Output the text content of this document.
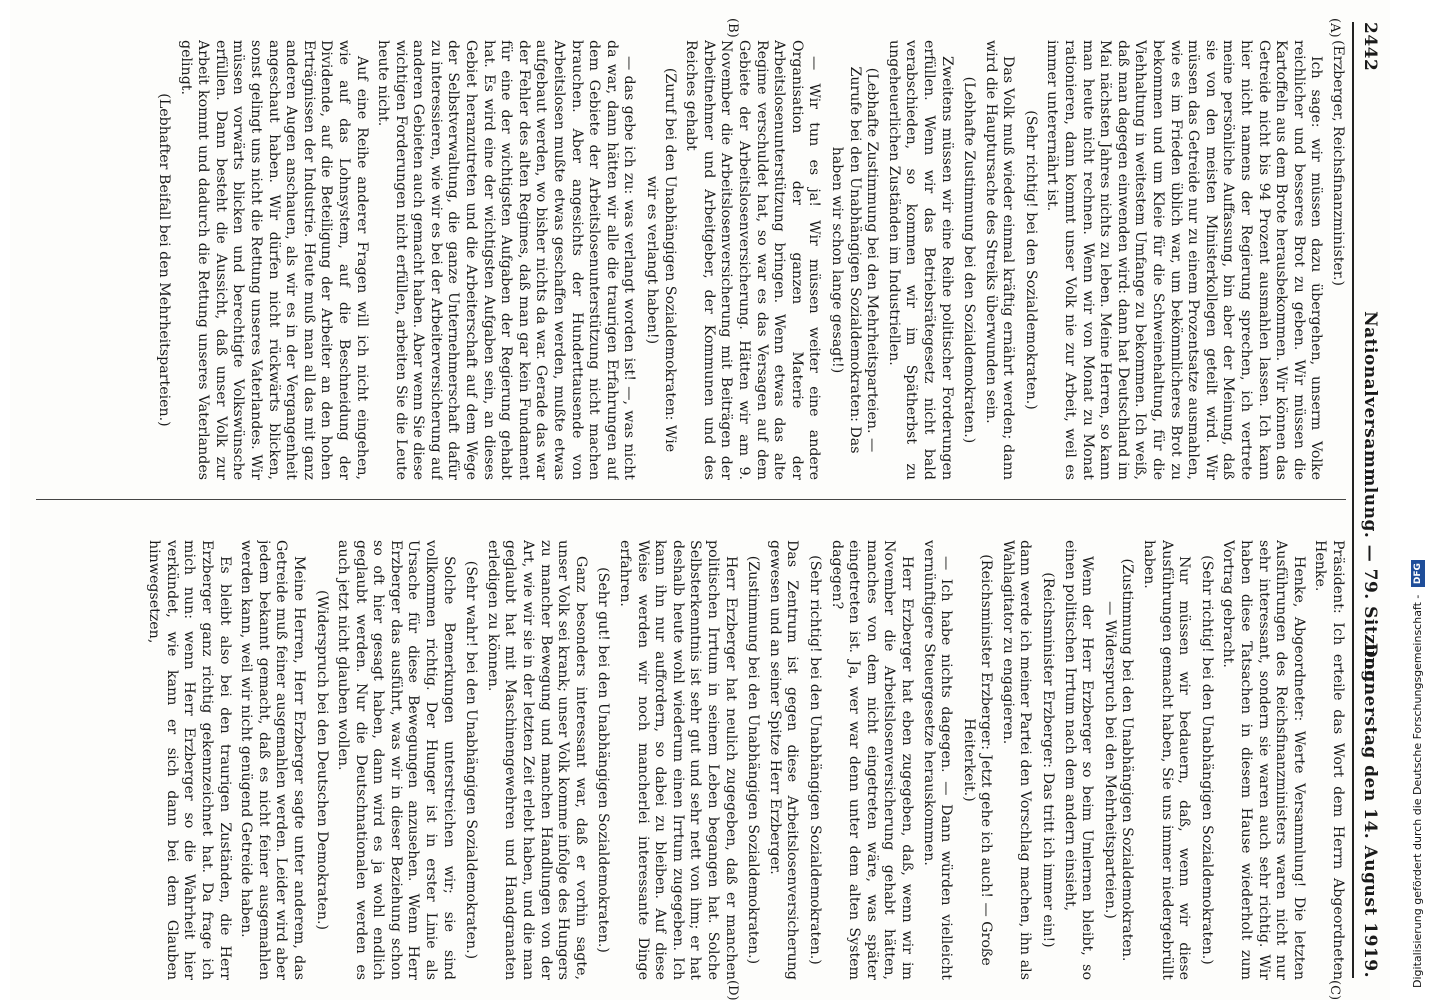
2442
Nationalversammlung. — 79. Sitzung.
Donnerstag den 14. August 1919.
(A)
(B)
(C)
(D)

(Erzberger, Reichsfinanzminister.)

Ich sage: wir müssen dazu übergehen, unserm Volke reichlicher und besseres Brot zu geben. Wir müssen die Kartoffeln aus dem Brote herausbekommen. Wir können das Getreide nicht bis 94 Prozent ausmahlen lassen. Ich kann hier nicht namens der Regierung sprechen, ich vertrete meine persönliche Auffassung, bin aber der Meinung, daß sie von den meisten Ministerkollegen geteilt wird. Wir müssen das Getreide nur zu einem Prozentsatze ausmahlen, wie es im Frieden üblich war, um bekömmlicheres Brot zu bekommen und um Kleie für die Schweinehaltung, für die Viehhaltung in weitestem Umfange zu bekommen. Ich weiß, daß man dagegen einwenden wird: dann hat Deutschland im Mai nächsten Jahres nichts zu leben. Meine Herren, so kann man heute nicht rechnen. Wenn wir von Monat zu Monat rationieren, dann kommt unser Volk nie zur Arbeit, weil es immer unterernährt ist.

(Sehr richtig! bei den Sozialdemokraten.)

Das Volk muß wieder einmal kräftig ernährt werden; dann wird die Hauptursache des Streiks überwunden sein.

(Lebhafte Zustimmung bei den Sozialdemokraten.)

Zweitens müssen wir eine Reihe politischer Forderungen erfüllen. Wenn wir das Betriebsrätegesetz nicht bald verabschieden, so kommen wir im Spätherbst zu ungeheuerlichen Zuständen im Industriellen.

(Lebhafte Zustimmung bei den Mehrheitsparteien. — Zurufe bei den Unabhängigen Sozialdemokraten: Das haben wir schon lange gesagt!)

— Wir tun es ja! Wir müssen weiter eine andere Organisation der ganzen Materie der Arbeitslosenunterstützung bringen. Wenn etwas das alte Regime verschuldet hat, so war es das Versagen auf dem Gebiete der Arbeitslosenversicherung. Hätten wir am 9. November die Arbeitslosenversicherung mit Beiträgen der Arbeitnehmer und Arbeitgeber, der Kommunen und des Reiches gehabt

(Zuruf bei den Unabhängigen Sozialdemokraten: Wie wir es verlangt haben!)

— das gebe ich zu: was verlangt worden ist! —, was nicht da war, dann hätten wir alle die traurigen Erfahrungen auf dem Gebiete der Arbeitslosenunterstützung nicht machen brauchen. Aber angesichts der Hunderttausende von Arbeitslosen mußte etwas geschaffen werden, mußte etwas aufgebaut werden, wo bisher nichts da war. Gerade das war der Fehler des alten Regimes, daß man gar kein Fundament für eine der wichtigsten Aufgaben der Regierung gehabt hat. Es wird eine der wichtigsten Aufgaben sein, an dieses Gebiet heranzutreten und die Arbeiterschaft auf dem Wege der Selbstverwaltung, die ganze Unternehmerschaft dafür zu interessieren, wie wir es bei der Arbeiterversicherung auf anderen Gebieten auch gemacht haben. Aber wenn Sie diese wichtigen Forderungen nicht erfüllen, arbeiten Sie die Leute heute nicht.

Auf eine Reihe anderer Fragen will ich nicht eingehen, wie auf das Lohnsystem, auf die Beschneidung der Dividende, auf die Beteiligung der Arbeiter an den hohen Erträgnissen der Industrie. Heute muß man all das mit ganz anderen Augen anschauen, als wir es in der Vergangenheit angeschaut haben. Wir dürfen nicht rückwärts blicken, sonst gelingt uns nicht die Rettung unseres Vaterlandes. Wir müssen vorwärts blicken und berechtigte Volkswünsche erfüllen. Dann besteht die Aussicht, daß unser Volk zur Arbeit kommt und dadurch die Rettung unseres Vaterlandes gelingt.

(Lebhafter Beifall bei den Mehrheitsparteien.)

Präsident: Ich erteile das Wort dem Herrn Abgeordneten Henke.

Henke, Abgeordneter: Werte Versammlung! Die letzten Ausführungen des Reichsfinanzministers waren nicht nur sehr interessant, sondern sie waren auch sehr richtig. Wir haben diese Tatsachen in diesem Hause wiederholt zum Vortrag gebracht.

(Sehr richtig! bei den Unabhängigen Sozialdemokraten.)

Nur müssen wir bedauern, daß, wenn wir diese Ausführungen gemacht haben, Sie uns immer niedergebrüllt haben.

(Zustimmung bei den Unabhängigen Sozialdemokraten. — Widerspruch bei den Mehrheitsparteien.)

Wenn der Herr Erzberger so beim Umlernen bleibt, so einen politischen Irrtum nach dem andern einsieht,

(Reichsminister Erzberger: Das tritt ich immer ein!)

dann werde ich meiner Partei den Vorschlag machen, ihn als Wahlagitator zu engagieren.

(Reichsminister Erzberger: Jetzt gehe ich auch! — Große Heiterkeit.)

— Ich habe nichts dagegen. — Dann würden vielleicht vernünftigere Steuergesetze herauskommen.

Herr Erzberger hat eben zugegeben, daß, wenn wir im November die Arbeitslosenversicherung gehabt hätten, manches von dem nicht eingetreten wäre, was später eingetreten ist. Ja, wer war denn unter dem alten System dagegen?

(Sehr richtig! bei den Unabhängigen Sozialdemokraten.)

Das Zentrum ist gegen diese Arbeitslosenversicherung gewesen und an seiner Spitze Herr Erzberger.

(Zustimmung bei den Unabhängigen Sozialdemokraten.)

Herr Erzberger hat neulich zugegeben, daß er manchen politischen Irrtum in seinem Leben begangen hat. Solche Selbsterkenntnis ist sehr gut und sehr nett von ihm; er hat deshalb heute wohl wiederum einen Irrtum zugegeben. Ich kann ihn nur auffordern, so dabei zu bleiben. Auf diese Weise werden wir noch mancherlei interessante Dinge erfahren.

(Sehr gut! bei den Unabhängigen Sozialdemokraten.)

Ganz besonders interessant war, daß er vorhin sagte, unser Volk sei krank; unser Volk komme infolge des Hungers zu mancher Bewegung und manchen Handlungen von der Art, wie wir sie in der letzten Zeit erlebt haben, und die man geglaubt hat mit Maschinengewehren und Handgranaten erledigen zu können.

(Sehr wahr! bei den Unabhängigen Sozialdemokraten.)

Solche Bemerkungen unterstreichen wir; sie sind vollkommen richtig. Der Hunger ist in erster Linie als Ursache für diese Bewegungen anzusehen. Wenn Herr Erzberger das ausführt, was wir in dieser Beziehung schon so oft hier gesagt haben, dann wird es ja wohl endlich geglaubt werden. Nur die Deutschnationalen werden es auch jetzt nicht glauben wollen.

(Widerspruch bei den Deutschen Demokraten.)

Meine Herren, Herr Erzberger sagte unter anderem, das Getreide muß feiner ausgemahlen werden. Leider wird aber jedem bekannt gemacht, daß es nicht feiner ausgemahlen werden kann, weil wir nicht genügend Getreide haben.

Es bleibt also bei den traurigen Zuständen, die Herr Erzberger ganz richtig gekennzeichnet hat. Da frage ich mich nun: wenn Herr Erzberger so die Wahrheit hier verkündet, wie kann er sich dann bei dem Glauben hinwegsetzen,

Digitalisierung gefördert durch die Deutsche Forschungsgemeinschaft - DFG
